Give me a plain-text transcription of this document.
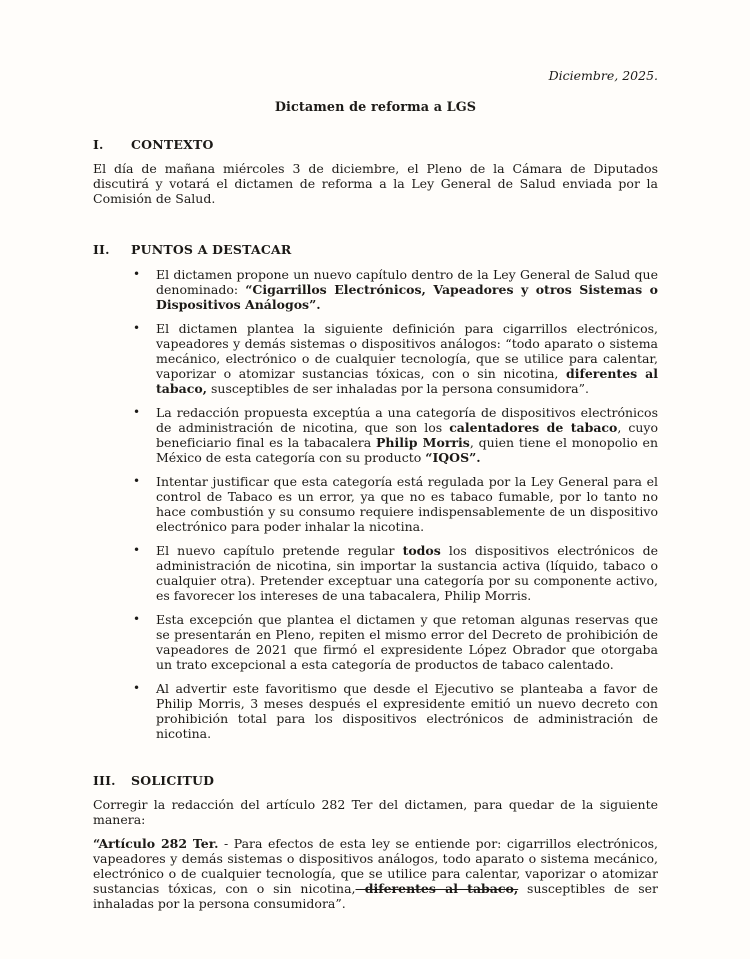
Diciembre, 2025.
Dictamen de reforma a LGS
I.	CONTEXTO

El día de mañana miércoles 3 de diciembre, el Pleno de la Cámara de Diputados discutirá y votará el dictamen de reforma a la Ley General de Salud enviada por la Comisión de Salud.

II.	PUNTOS A DESTACAR
•	El dictamen propone un nuevo capítulo dentro de la Ley General de Salud que denominado: “Cigarrillos Electrónicos, Vapeadores y otros Sistemas o Dispositivos Análogos”.
•	El dictamen plantea la siguiente definición para cigarrillos electrónicos, vapeadores y demás sistemas o dispositivos análogos: “todo aparato o sistema mecánico, electrónico o de cualquier tecnología, que se utilice para calentar, vaporizar o atomizar sustancias tóxicas, con o sin nicotina, diferentes al tabaco, susceptibles de ser inhaladas por la persona consumidora”.
•	La redacción propuesta exceptúa a una categoría de dispositivos electrónicos de administración de nicotina, que son los calentadores de tabaco, cuyo beneficiario final es la tabacalera Philip Morris, quien tiene el monopolio en México de esta categoría con su producto “IQOS”.
•	Intentar justificar que esta categoría está regulada por la Ley General para el control de Tabaco es un error, ya que no es tabaco fumable, por lo tanto no hace combustión y su consumo requiere indispensablemente de un dispositivo electrónico para poder inhalar la nicotina.
•	El nuevo capítulo pretende regular todos los dispositivos electrónicos de administración de nicotina, sin importar la sustancia activa (líquido, tabaco o cualquier otra). Pretender exceptuar una categoría por su componente activo, es favorecer los intereses de una tabacalera, Philip Morris.
•	Esta excepción que plantea el dictamen y que retoman algunas reservas que se presentarán en Pleno, repiten el mismo error del Decreto de prohibición de vapeadores de 2021 que firmó el expresidente López Obrador que otorgaba un trato excepcional a esta categoría de productos de tabaco calentado.
•	Al advertir este favoritismo que desde el Ejecutivo se planteaba a favor de Philip Morris, 3 meses después el expresidente emitió un nuevo decreto con prohibición total para los dispositivos electrónicos de administración de nicotina.
III.	SOLICITUD

Corregir la redacción del artículo 282 Ter del dictamen, para quedar de la siguiente manera:

“Artículo 282 Ter. - Para efectos de esta ley se entiende por: cigarrillos electrónicos, vapeadores y demás sistemas o dispositivos análogos, todo aparato o sistema mecánico, electrónico o de cualquier tecnología, que se utilice para calentar, vaporizar o atomizar sustancias tóxicas, con o sin nicotina, diferentes al tabaco, susceptibles de ser inhaladas por la persona consumidora”.
